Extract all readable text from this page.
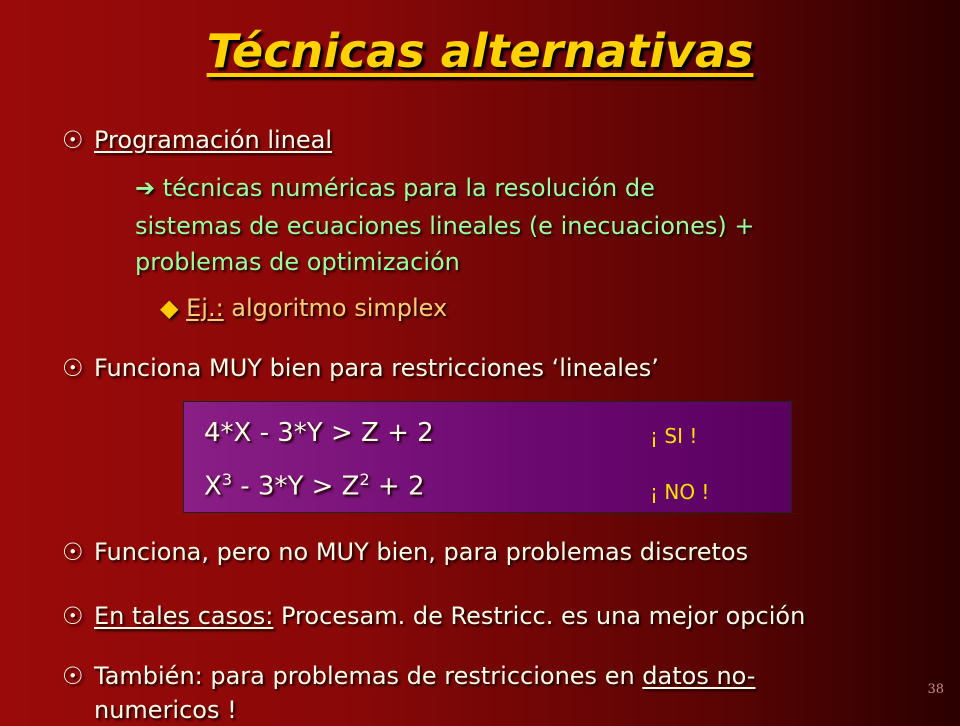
Técnicas alternativas
☉ Programación lineal
➔ técnicas numéricas para la resolución de
sistemas de ecuaciones lineales (e inecuaciones) +
problemas de optimización
◆ Ej.: algoritmo simplex
☉ Funciona MUY bien para restricciones ‘lineales’
4*X - 3*Y > Z + 2	¡ SI !
$X^3 - 3*Y > Z^2 + 2$	¡ NO !
☉ Funciona, pero no MUY bien, para problemas discretos
☉ En tales casos: Procesam. de Restricc. es una mejor opción
☉ También: para problemas de restricciones en datos no-
numericos !
38
